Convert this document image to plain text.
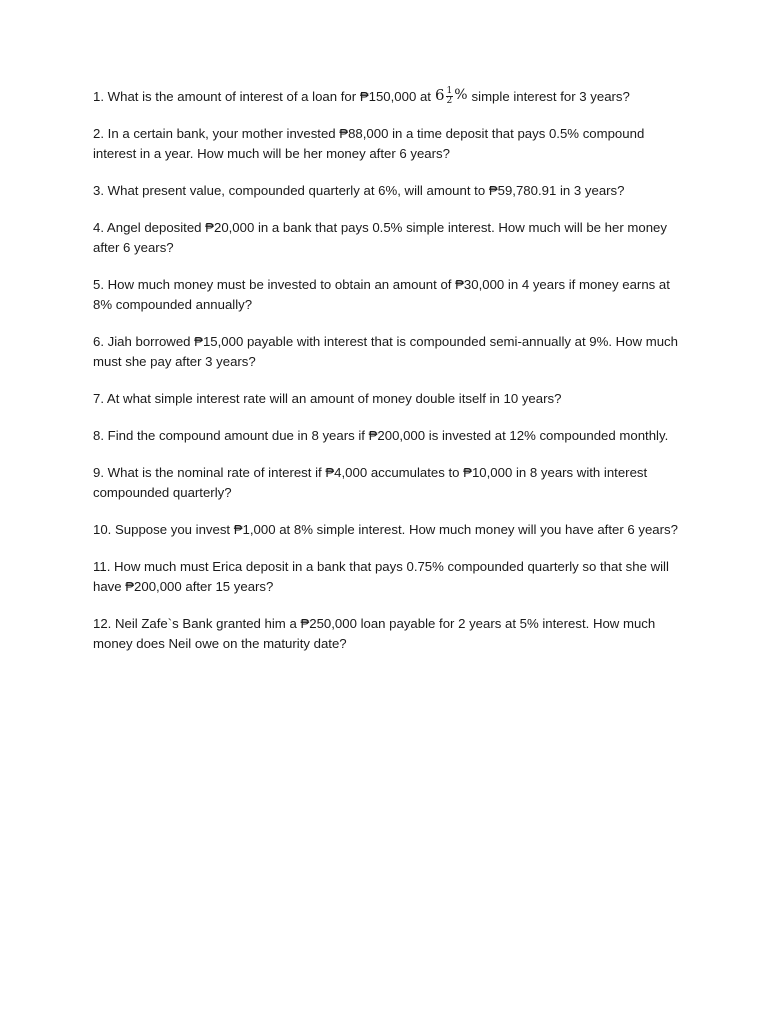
1. What is the amount of interest of a loan for ₱150,000 at $6 \frac{1}{2}$ % simple interest for 3 years?

2. In a certain bank, your mother invested ₱88,000 in a time deposit that pays 0.5% compound interest in a year. How much will be her money after 6 years?

3. What present value, compounded quarterly at 6%, will amount to ₱59,780.91 in 3 years?

4. Angel deposited ₱20,000 in a bank that pays 0.5% simple interest. How much will be her money after 6 years?

5. How much money must be invested to obtain an amount of ₱30,000 in 4 years if money earns at 8% compounded annually?

6. Jiah borrowed ₱15,000 payable with interest that is compounded semi-annually at 9%. How much must she pay after 3 years?

7. At what simple interest rate will an amount of money double itself in 10 years?

8. Find the compound amount due in 8 years if ₱200,000 is invested at 12% compounded monthly.

9. What is the nominal rate of interest if ₱4,000 accumulates to ₱10,000 in 8 years with interest compounded quarterly?

10. Suppose you invest ₱1,000 at 8% simple interest. How much money will you have after 6 years?

11. How much must Erica deposit in a bank that pays 0.75% compounded quarterly so that she will have ₱200,000 after 15 years?

12. Neil Zafe`s Bank granted him a ₱250,000 loan payable for 2 years at 5% interest. How much money does Neil owe on the maturity date?
